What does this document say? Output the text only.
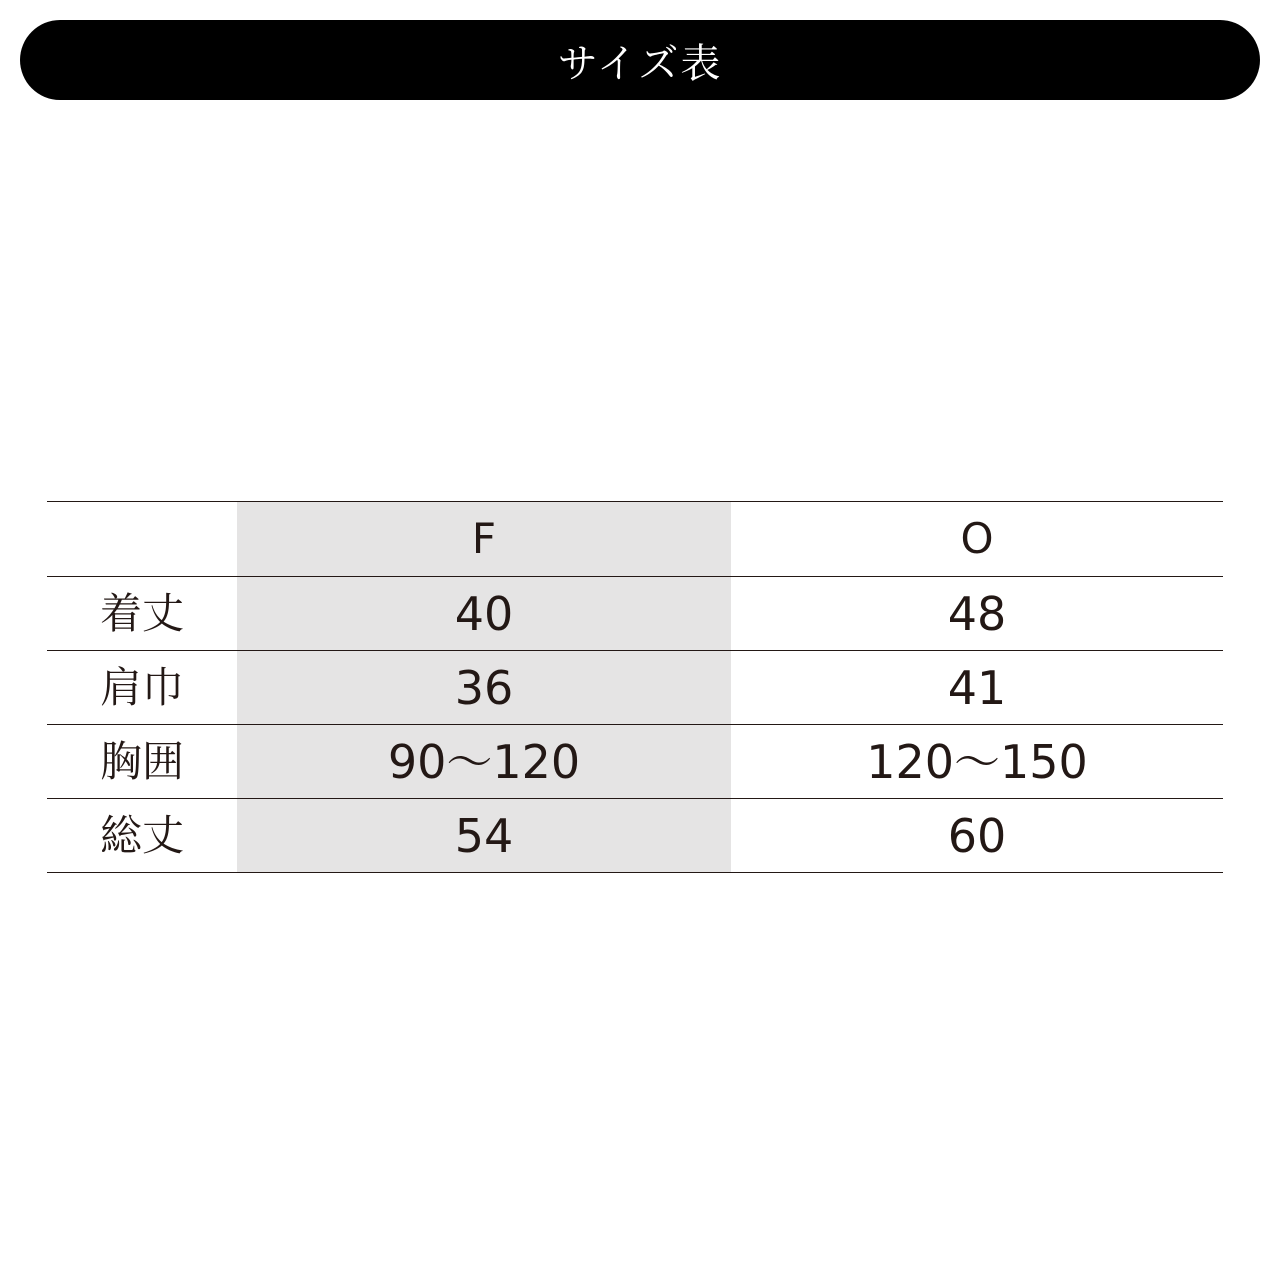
サイズ表
	F	O
着丈	40	48
肩巾	36	41
胸囲	90〜120	120〜150
総丈	54	60
